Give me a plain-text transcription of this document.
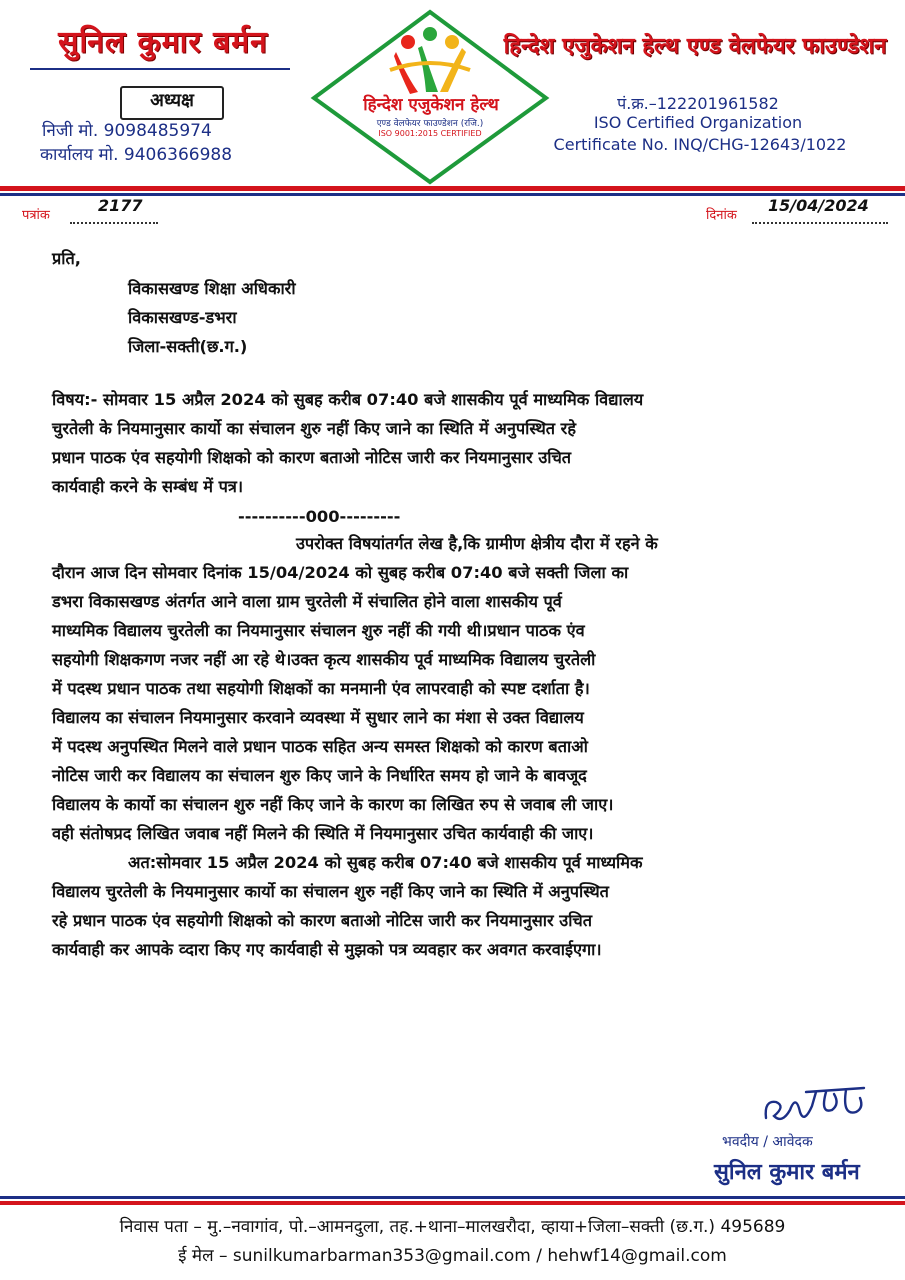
सुनिल कुमार बर्मन
अध्यक्ष
निजी मो. 9098485974
कार्यालय मो. 9406366988
हिन्देश एजुकेशन हेल्थ
एण्ड वेलफेयर फाउण्डेशन (रजि.)
ISO 9001:2015 CERTIFIED
हिन्देश एजुकेशन हेल्थ एण्ड वेलफेयर फाउण्डेशन
पं.क्र.–122201961582
ISO Certified Organization
Certificate No. INQ/CHG-12643/1022
पत्रांक
2177
दिनांक
15/04/2024
प्रति,
विकासखण्ड शिक्षा अधिकारी
विकासखण्ड-डभरा
जिला-सक्ती(छ.ग.)
विषय:- सोमवार 15 अप्रैल 2024 को सुबह करीब 07:40 बजे शासकीय पूर्व माध्यमिक विद्यालय
चुरतेली के नियमानुसार कार्यो का संचालन शुरु नहीं किए जाने का स्थिति में अनुपस्थित रहे
प्रधान पाठक एंव सहयोगी शिक्षको को कारण बताओ नोटिस जारी कर नियमानुसार उचित
कार्यवाही करने के सम्बंध में पत्र।
----------000---------
उपरोक्त विषयांतर्गत लेख है,कि ग्रामीण क्षेत्रीय दौरा में रहने के
दौरान आज दिन सोमवार दिनांक 15/04/2024 को सुबह करीब 07:40 बजे सक्ती जिला का
डभरा विकासखण्ड अंतर्गत आने वाला ग्राम चुरतेली में संचालित होने वाला शासकीय पूर्व
माध्यमिक विद्यालय चुरतेली का नियमानुसार संचालन शुरु नहीं की गयी थी।प्रधान पाठक एंव
सहयोगी शिक्षकगण नजर नहीं आ रहे थे।उक्त कृत्य शासकीय पूर्व माध्यमिक विद्यालय चुरतेली
में पदस्थ प्रधान पाठक तथा सहयोगी शिक्षकों का मनमानी एंव लापरवाही को स्पष्ट दर्शाता है।
विद्यालय का संचालन नियमानुसार करवाने व्यवस्था में सुधार लाने का मंशा से उक्त विद्यालय
में पदस्थ अनुपस्थित मिलने वाले प्रधान पाठक सहित अन्य समस्त शिक्षको को कारण बताओ
नोटिस जारी कर विद्यालय का संचालन शुरु किए जाने के निर्धारित समय हो जाने के बावजूद
विद्यालय के कार्यो का संचालन शुरु नहीं किए जाने के कारण का लिखित रुप से जवाब ली जाए।
वही संतोषप्रद लिखित जवाब नहीं मिलने की स्थिति में नियमानुसार उचित कार्यवाही की जाए।
अत:सोमवार 15 अप्रैल 2024 को सुबह करीब 07:40 बजे शासकीय पूर्व माध्यमिक
विद्यालय चुरतेली के नियमानुसार कार्यो का संचालन शुरु नहीं किए जाने का स्थिति में अनुपस्थित
रहे प्रधान पाठक एंव सहयोगी शिक्षको को कारण बताओ नोटिस जारी कर नियमानुसार उचित
कार्यवाही कर आपके व्दारा किए गए कार्यवाही से मुझको पत्र व्यवहार कर अवगत करवाईएगा।
भवदीय / आवेदक
सुनिल कुमार बर्मन
निवास पता – मु.–नवागांव, पो.–आमनदुला, तह.+थाना–मालखरौदा, व्हाया+जिला–सक्ती (छ.ग.) 495689
ई मेल – sunilkumarbarman353@gmail.com / hehwf14@gmail.com
